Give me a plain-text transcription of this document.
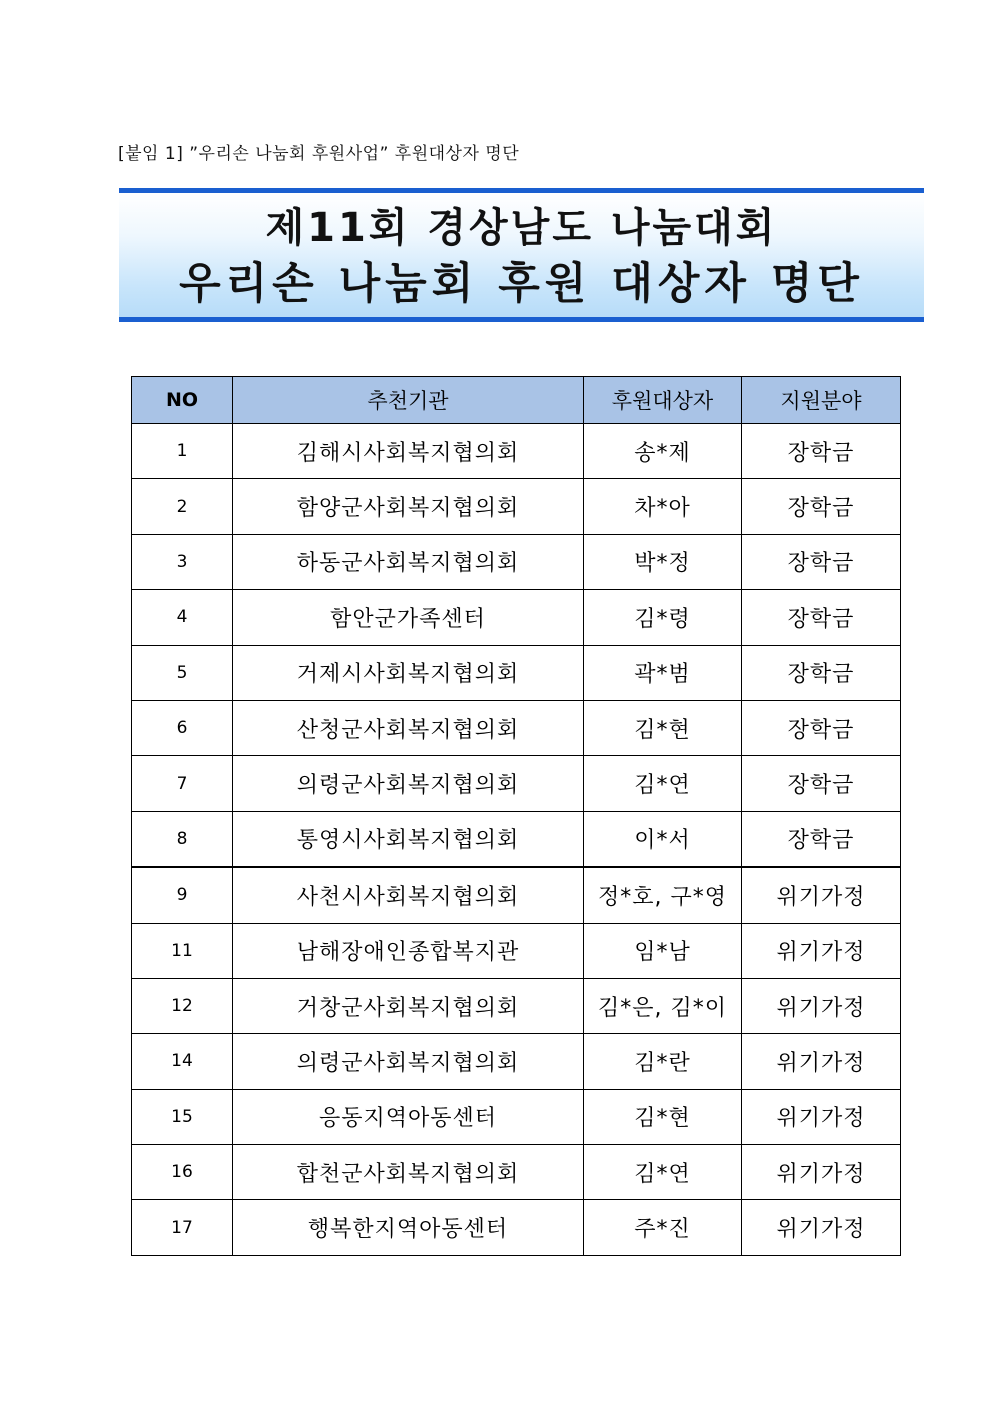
[붙임 1] ”우리손 나눔회 후원사업” 후원대상자 명단
제11회 경상남도 나눔대회
우리손 나눔회 후원 대상자 명단
NO	추천기관	후원대상자	지원분야
1	김해시사회복지협의회	송*제	장학금
2	함양군사회복지협의회	차*아	장학금
3	하동군사회복지협의회	박*정	장학금
4	함안군가족센터	김*령	장학금
5	거제시사회복지협의회	곽*범	장학금
6	산청군사회복지협의회	김*현	장학금
7	의령군사회복지협의회	김*연	장학금
8	통영시사회복지협의회	이*서	장학금
9	사천시사회복지협의회	정*호, 구*영	위기가정
11	남해장애인종합복지관	임*남	위기가정
12	거창군사회복지협의회	김*은, 김*이	위기가정
14	의령군사회복지협의회	김*란	위기가정
15	응동지역아동센터	김*현	위기가정
16	합천군사회복지협의회	김*연	위기가정
17	행복한지역아동센터	주*진	위기가정
